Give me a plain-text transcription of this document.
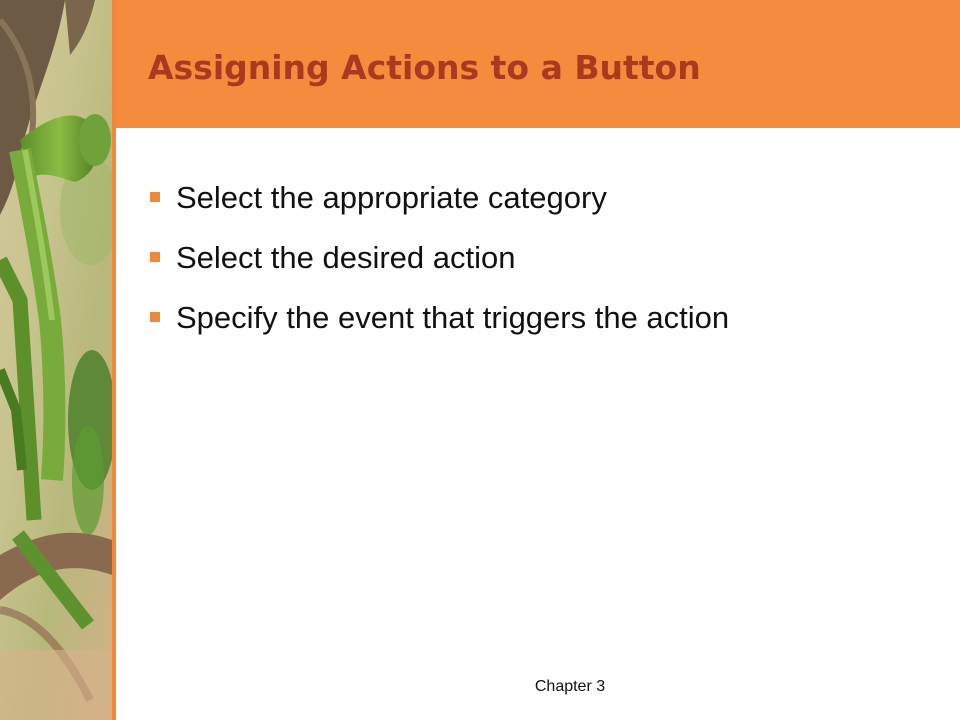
Assigning Actions to a Button
Select the appropriate category
Select the desired action
Specify the event that triggers the action
Chapter 3
